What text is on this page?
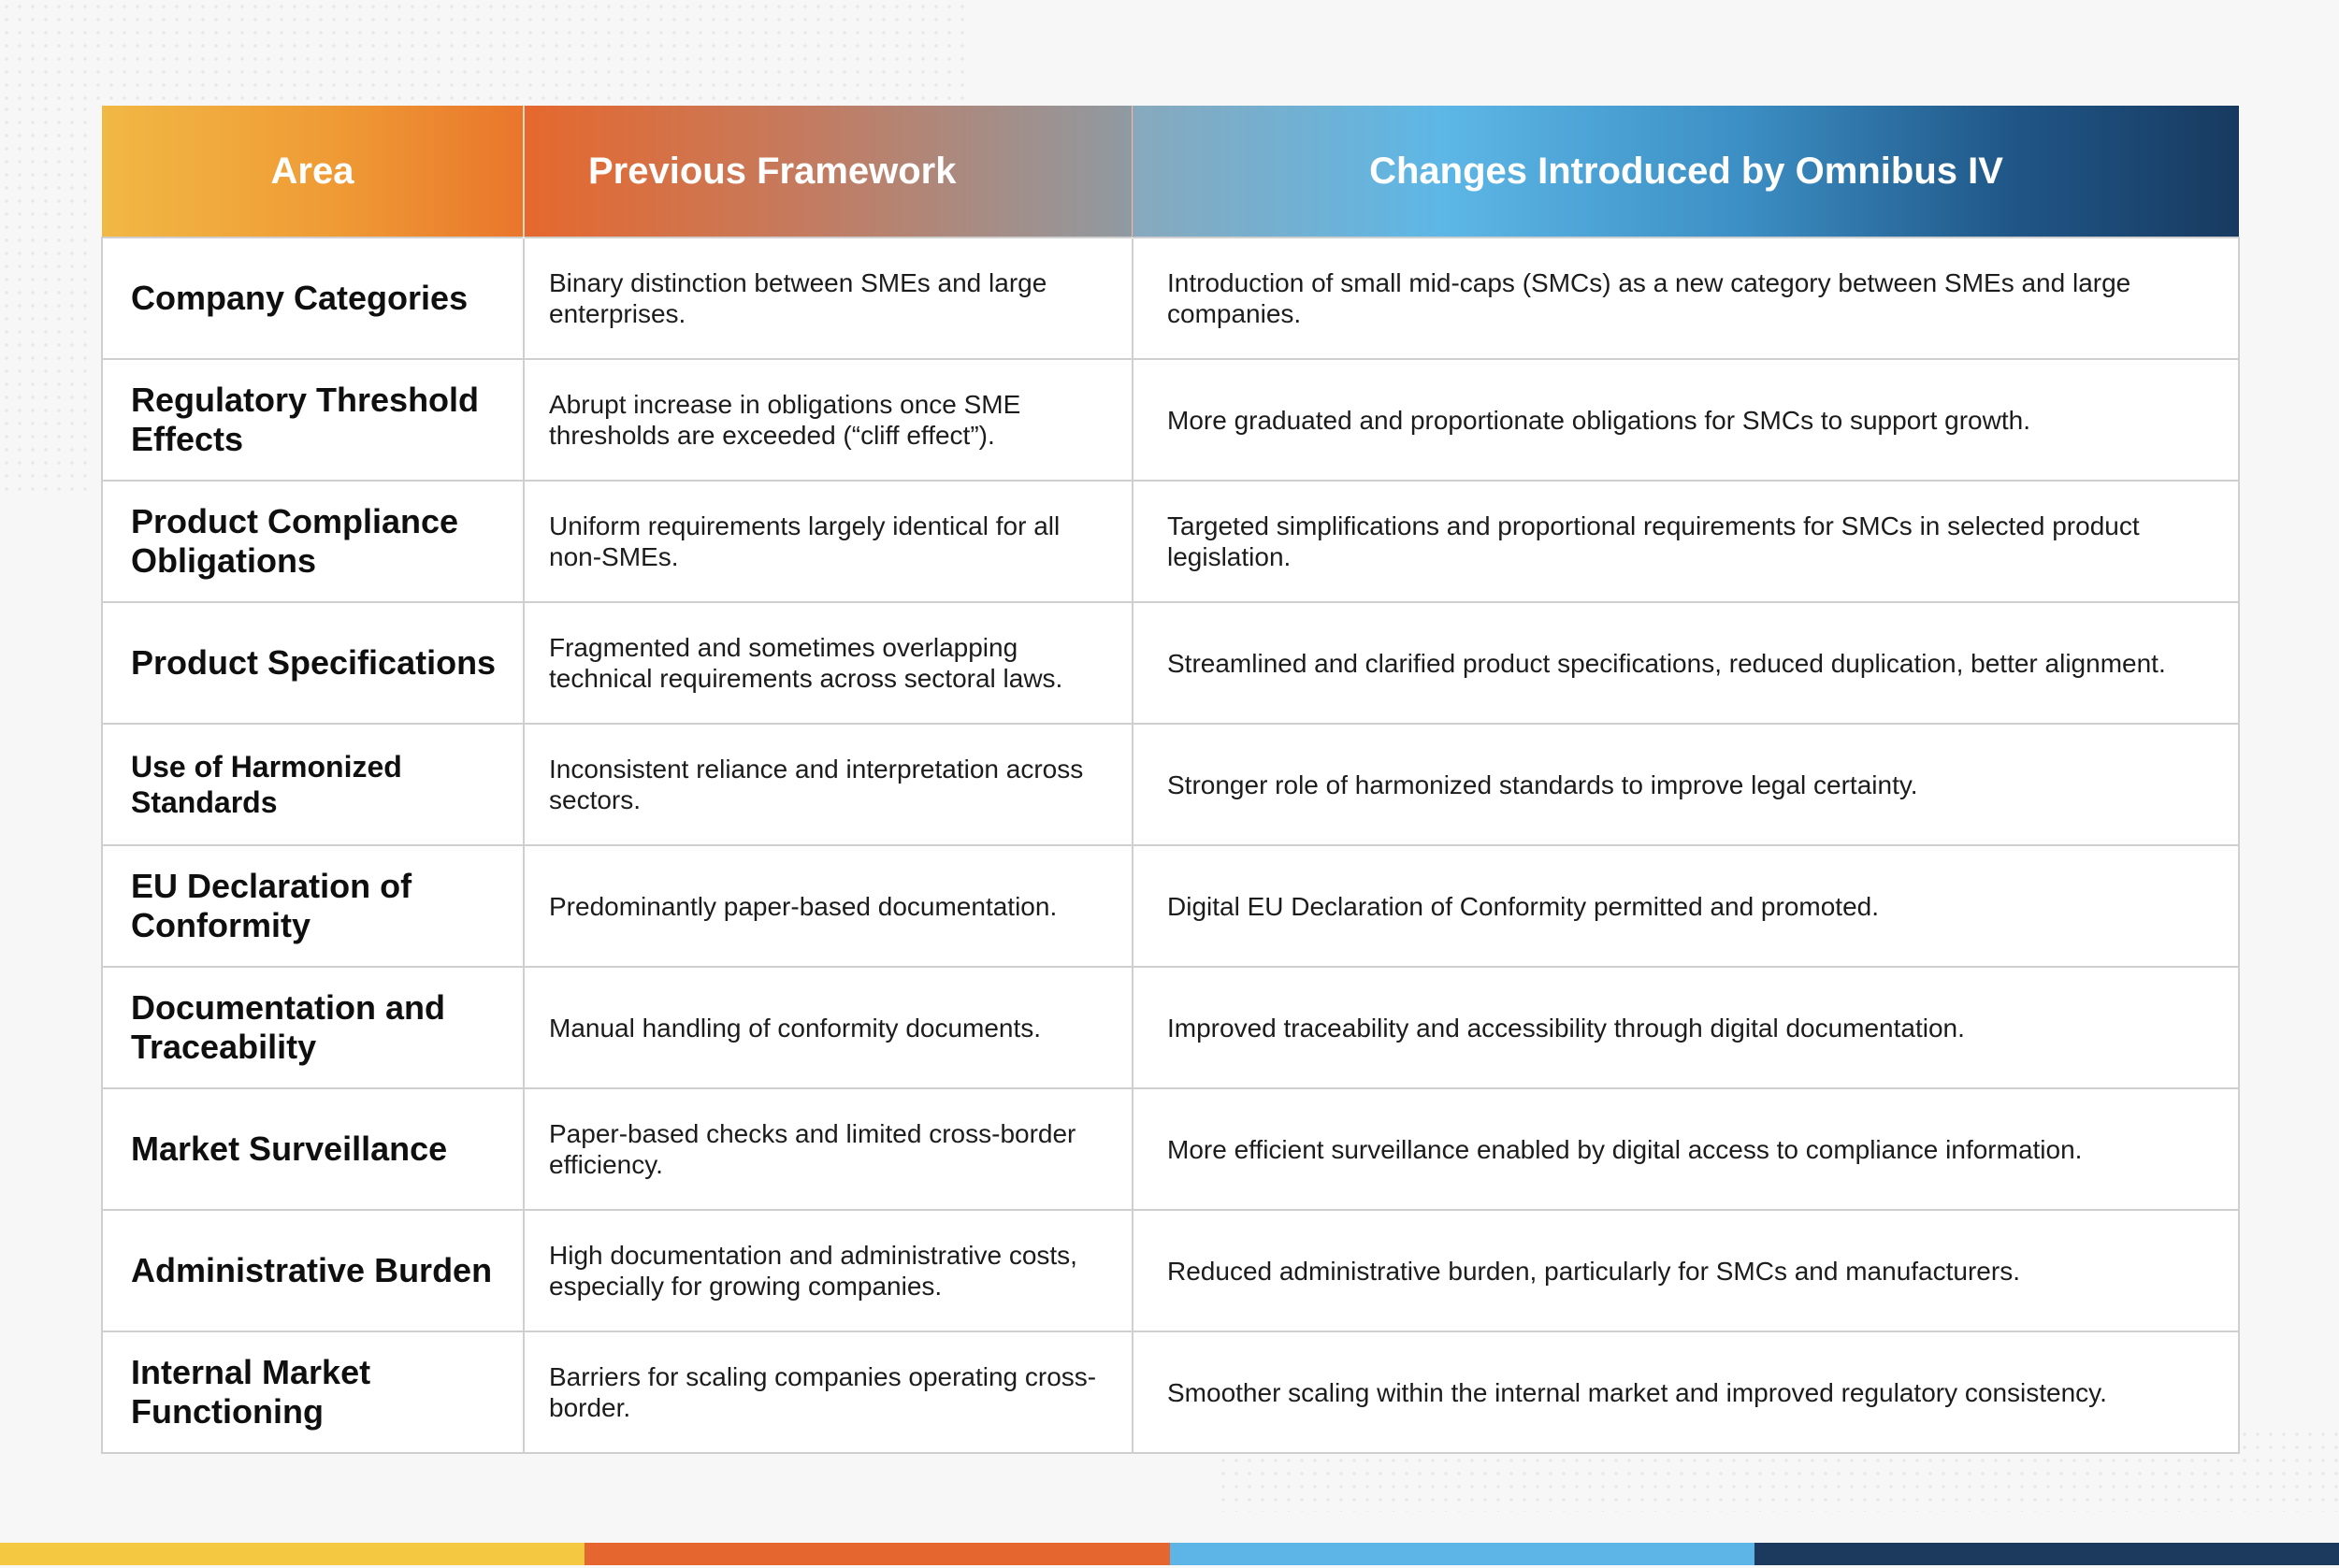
Area	Previous Framework	Changes Introduced by Omnibus IV
Company Categories	Binary distinction between SMEs and large enterprises.	Introduction of small mid-caps (SMCs) as a new category between SMEs and large companies.
Regulatory Threshold Effects	Abrupt increase in obligations once SME thresholds are exceeded (“cliff effect”).	More graduated and proportionate obligations for SMCs to support growth.
Product Compliance Obligations	Uniform requirements largely identical for all non-SMEs.	Targeted simplifications and proportional requirements for SMCs in selected product legislation.
Product Specifications	Fragmented and sometimes overlapping technical requirements across sectoral laws.	Streamlined and clarified product specifications, reduced duplication, better alignment.
Use of Harmonized Standards	Inconsistent reliance and interpretation across sectors.	Stronger role of harmonized standards to improve legal certainty.
EU Declaration of Conformity	Predominantly paper-based documentation.	Digital EU Declaration of Conformity permitted and promoted.
Documentation and Traceability	Manual handling of conformity documents.	Improved traceability and accessibility through digital documentation.
Market Surveillance	Paper-based checks and limited cross-border efficiency.	More efficient surveillance enabled by digital access to compliance information.
Administrative Burden	High documentation and administrative costs, especially for growing companies.	Reduced administrative burden, particularly for SMCs and manufacturers.
Internal Market Functioning	Barriers for scaling companies operating cross-border.	Smoother scaling within the internal market and improved regulatory consistency.
